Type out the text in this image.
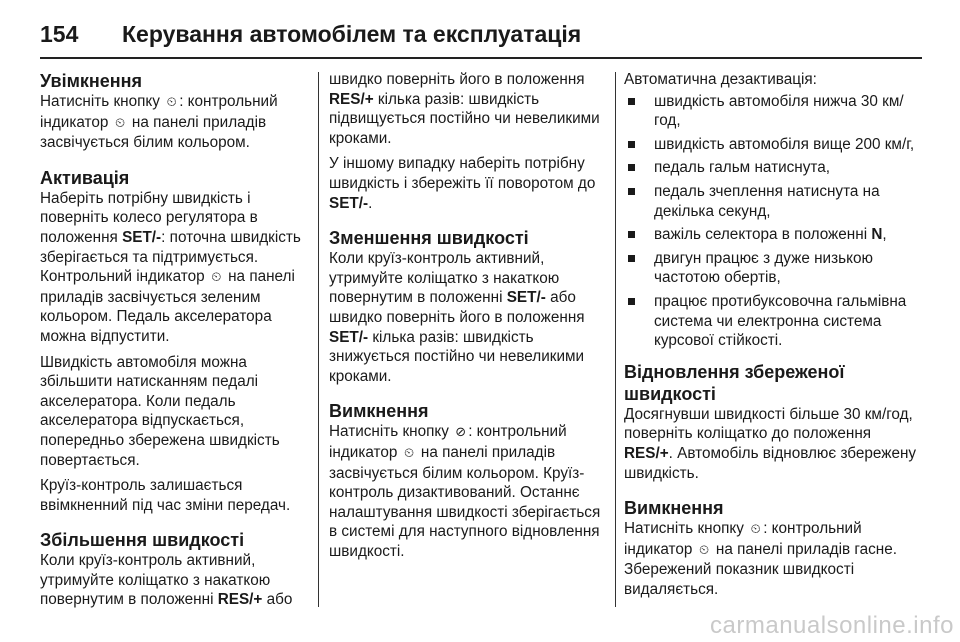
154	Керування автомобілем та експлуатація
Увімкнення

Натисніть кнопку ⏲ : контрольний індикатор ⏲ на панелі приладів засвічується білим кольором.

Активація

Наберіть потрібну швидкість і поверніть колесо регулятора в положення SET/-: поточна швидкість зберігається та підтримується. Контрольний індикатор ⏲ на панелі приладів засвічується зеленим кольором. Педаль акселератора можна відпустити.

Швидкість автомобіля можна збільшити натисканням педалі акселератора. Коли педаль акселератора відпускається, попередньо збережена швидкість повертається.

Круїз-контроль залишається ввімкненний під час зміни передач.

Збільшення швидкості

Коли круїз-контроль активний, утримуйте коліщатко з накаткою повернутим в положенні RES/+ або

швидко поверніть його в положення RES/+ кілька разів: швидкість підвищується постійно чи невеликими кроками.

У іншому випадку наберіть потрібну швидкість і збережіть її поворотом до SET/-.

Зменшення швидкості

Коли круїз-контроль активний, утримуйте коліщатко з накаткою повернутим в положенні SET/- або швидко поверніть його в положення SET/- кілька разів: швидкість знижується постійно чи невеликими кроками.

Вимкнення

Натисніть кнопку ⊘ : контрольний індикатор ⏲ на панелі приладів засвічується білим кольором. Круїз-контроль дизактивований. Останнє налаштування швидкості зберігається в системі для наступного відновлення швидкості.

Автоматична дезактивація:

швидкість автомобіля нижча 30 км/год,
швидкість автомобіля вище 200 км/г,
педаль гальм натиснута,
педаль зчеплення натиснута на декілька секунд,
важіль селектора в положенні N,
двигун працює з дуже низькою частотою обертів,
працює протибуксовочна гальмівна система чи електронна система курсової стійкості.
Відновлення збереженої швидкості

Досягнувши швидкості більше 30 км/год, поверніть коліщатко до положення RES/+. Автомобіль відновлює збережену швидкість.

Вимкнення

Натисніть кнопку ⏲ : контрольний індикатор ⏲ на панелі приладів гасне. Збережений показник швидкості видаляється.

carmanualsonline.info
